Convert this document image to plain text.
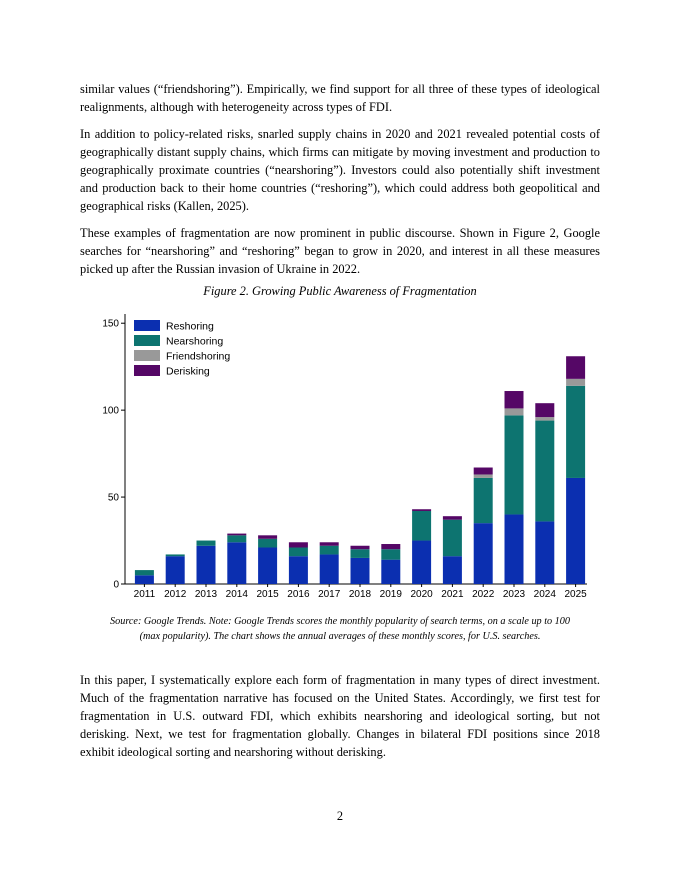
similar values (“friendshoring”). Empirically, we find support for all three of these types of ideological realignments, although with heterogeneity across types of FDI.

In addition to policy-related risks, snarled supply chains in 2020 and 2021 revealed potential costs of geographically distant supply chains, which firms can mitigate by moving investment and production to geographically proximate countries (“nearshoring”). Investors could also potentially shift investment and production back to their home countries (“reshoring”), which could address both geopolitical and geographical risks (Kallen, 2025).

These examples of fragmentation are now prominent in public discourse. Shown in Figure 2, Google searches for “nearshoring” and “reshoring” began to grow in 2020, and interest in all these measures picked up after the Russian invasion of Ukraine in 2022.

Figure 2. Growing Public Awareness of Fragmentation
0
50
100
150
2011 2012 2013 2014 2015 2016 2017 2018 2019 2020 2021 2022 2023 2024 2025
Reshoring
Nearshoring
Friendshoring
Derisking
Source: Google Trends. Note: Google Trends scores the monthly popularity of search terms, on a scale up to 100
(max popularity). The chart shows the annual averages of these monthly scores, for U.S. searches.

In this paper, I systematically explore each form of fragmentation in many types of direct investment. Much of the fragmentation narrative has focused on the United States. Accordingly, we first test for fragmentation in U.S. outward FDI, which exhibits nearshoring and ideological sorting, but not derisking. Next, we test for fragmentation globally. Changes in bilateral FDI positions since 2018 exhibit ideological sorting and nearshoring without derisking.

2
